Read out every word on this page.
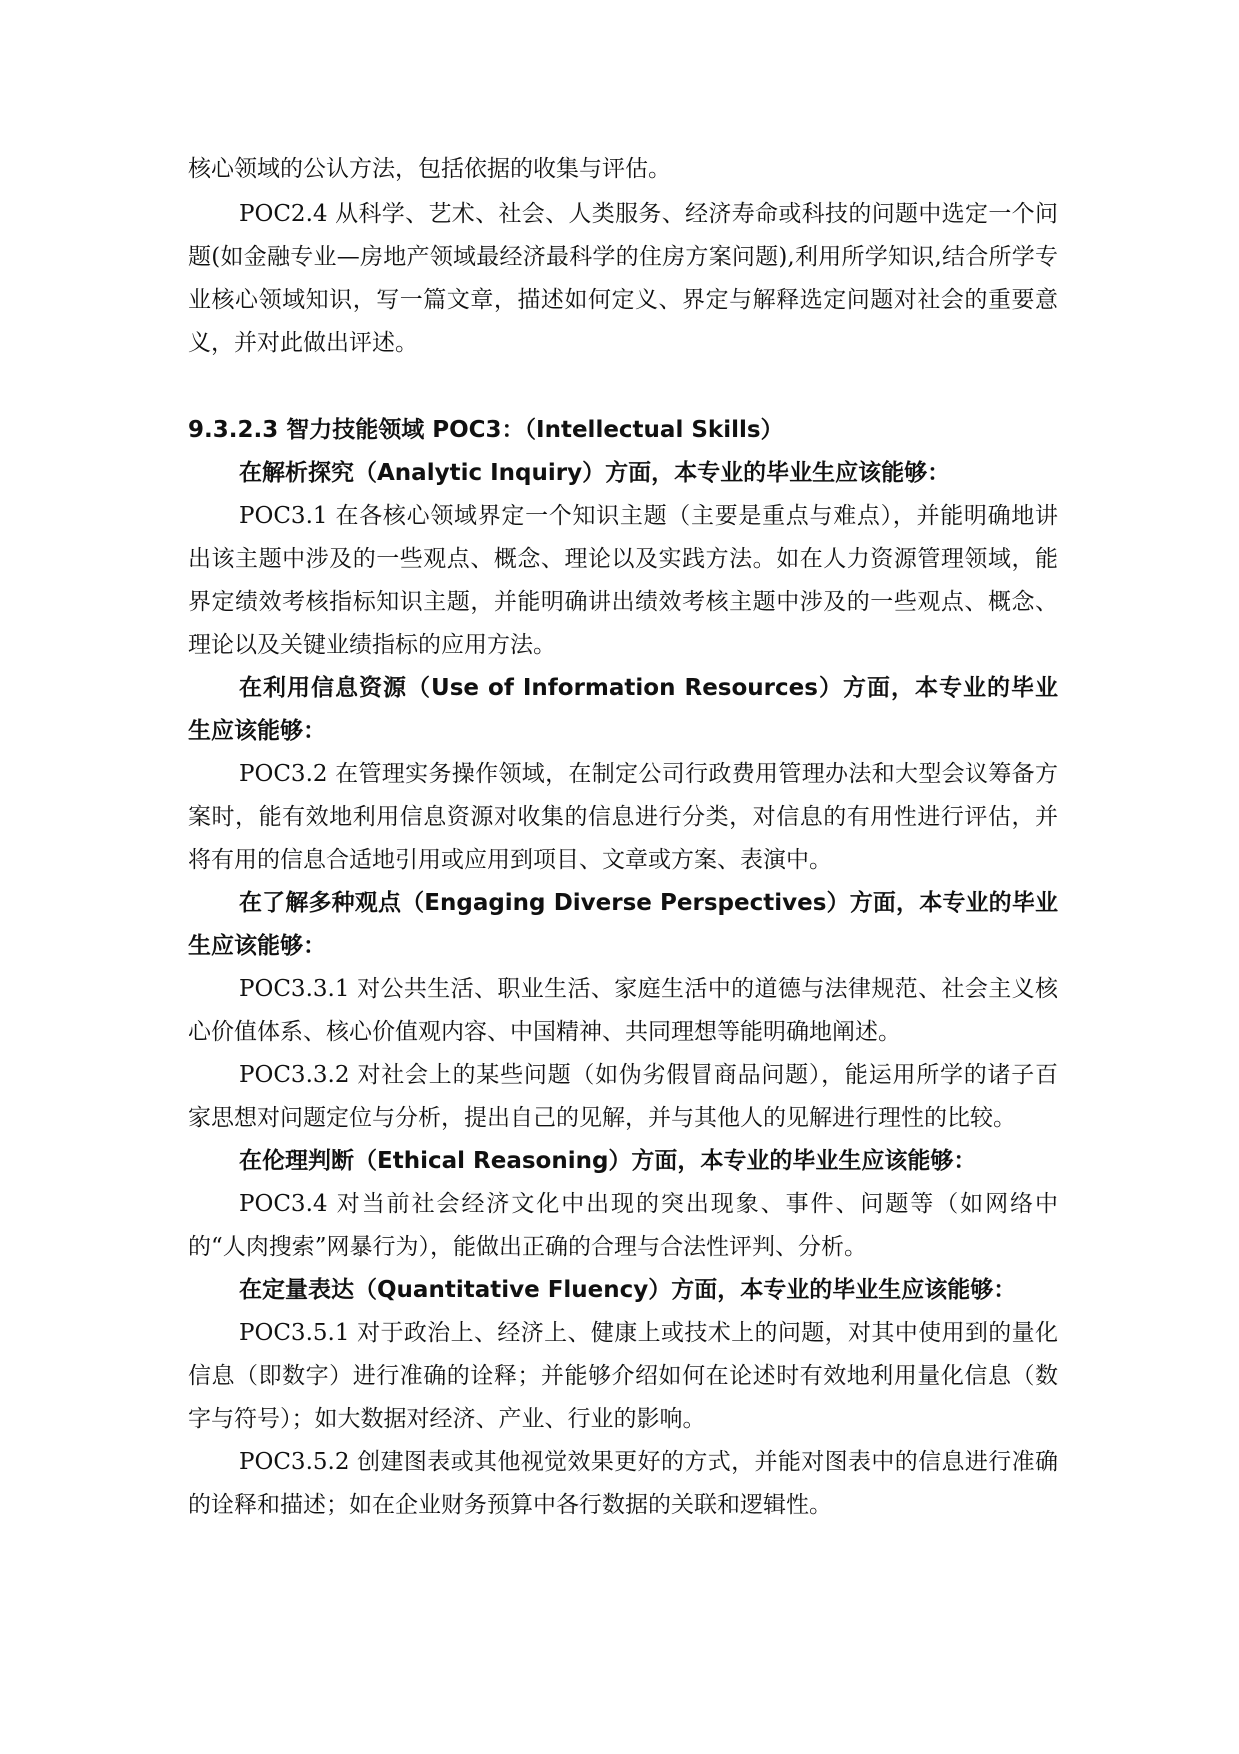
核心领域的公认方法，包括依据的收集与评估。

POC2.4 从科学、艺术、社会、人类服务、经济寿命或科技的问题中选定一个问题(如金融专业—房地产领域最经济最科学的住房方案问题),利用所学知识,结合所学专业核心领域知识，写一篇文章，描述如何定义、界定与解释选定问题对社会的重要意义，并对此做出评述。

9.3.2.3 智力技能领域 POC3：（Intellectual Skills）

在解析探究（Analytic Inquiry）方面，本专业的毕业生应该能够：

POC3.1 在各核心领域界定一个知识主题（主要是重点与难点），并能明确地讲出该主题中涉及的一些观点、概念、理论以及实践方法。如在人力资源管理领域，能界定绩效考核指标知识主题，并能明确讲出绩效考核主题中涉及的一些观点、概念、理论以及关键业绩指标的应用方法。

在利用信息资源（Use of Information Resources）方面，本专业的毕业生应该能够：

POC3.2 在管理实务操作领域，在制定公司行政费用管理办法和大型会议筹备方案时，能有效地利用信息资源对收集的信息进行分类，对信息的有用性进行评估，并将有用的信息合适地引用或应用到项目、文章或方案、表演中。

在了解多种观点（Engaging Diverse Perspectives）方面，本专业的毕业生应该能够：

POC3.3.1 对公共生活、职业生活、家庭生活中的道德与法律规范、社会主义核心价值体系、核心价值观内容、中国精神、共同理想等能明确地阐述。

POC3.3.2 对社会上的某些问题（如伪劣假冒商品问题），能运用所学的诸子百家思想对问题定位与分析，提出自己的见解，并与其他人的见解进行理性的比较。

在伦理判断（Ethical Reasoning）方面，本专业的毕业生应该能够：

POC3.4 对当前社会经济文化中出现的突出现象、事件、问题等（如网络中的“人肉搜索”网暴行为），能做出正确的合理与合法性评判、分析。

在定量表达（Quantitative Fluency）方面，本专业的毕业生应该能够：

POC3.5.1 对于政治上、经济上、健康上或技术上的问题，对其中使用到的量化信息（即数字）进行准确的诠释；并能够介绍如何在论述时有效地利用量化信息（数字与符号）；如大数据对经济、产业、行业的影响。

POC3.5.2 创建图表或其他视觉效果更好的方式，并能对图表中的信息进行准确的诠释和描述；如在企业财务预算中各行数据的关联和逻辑性。
